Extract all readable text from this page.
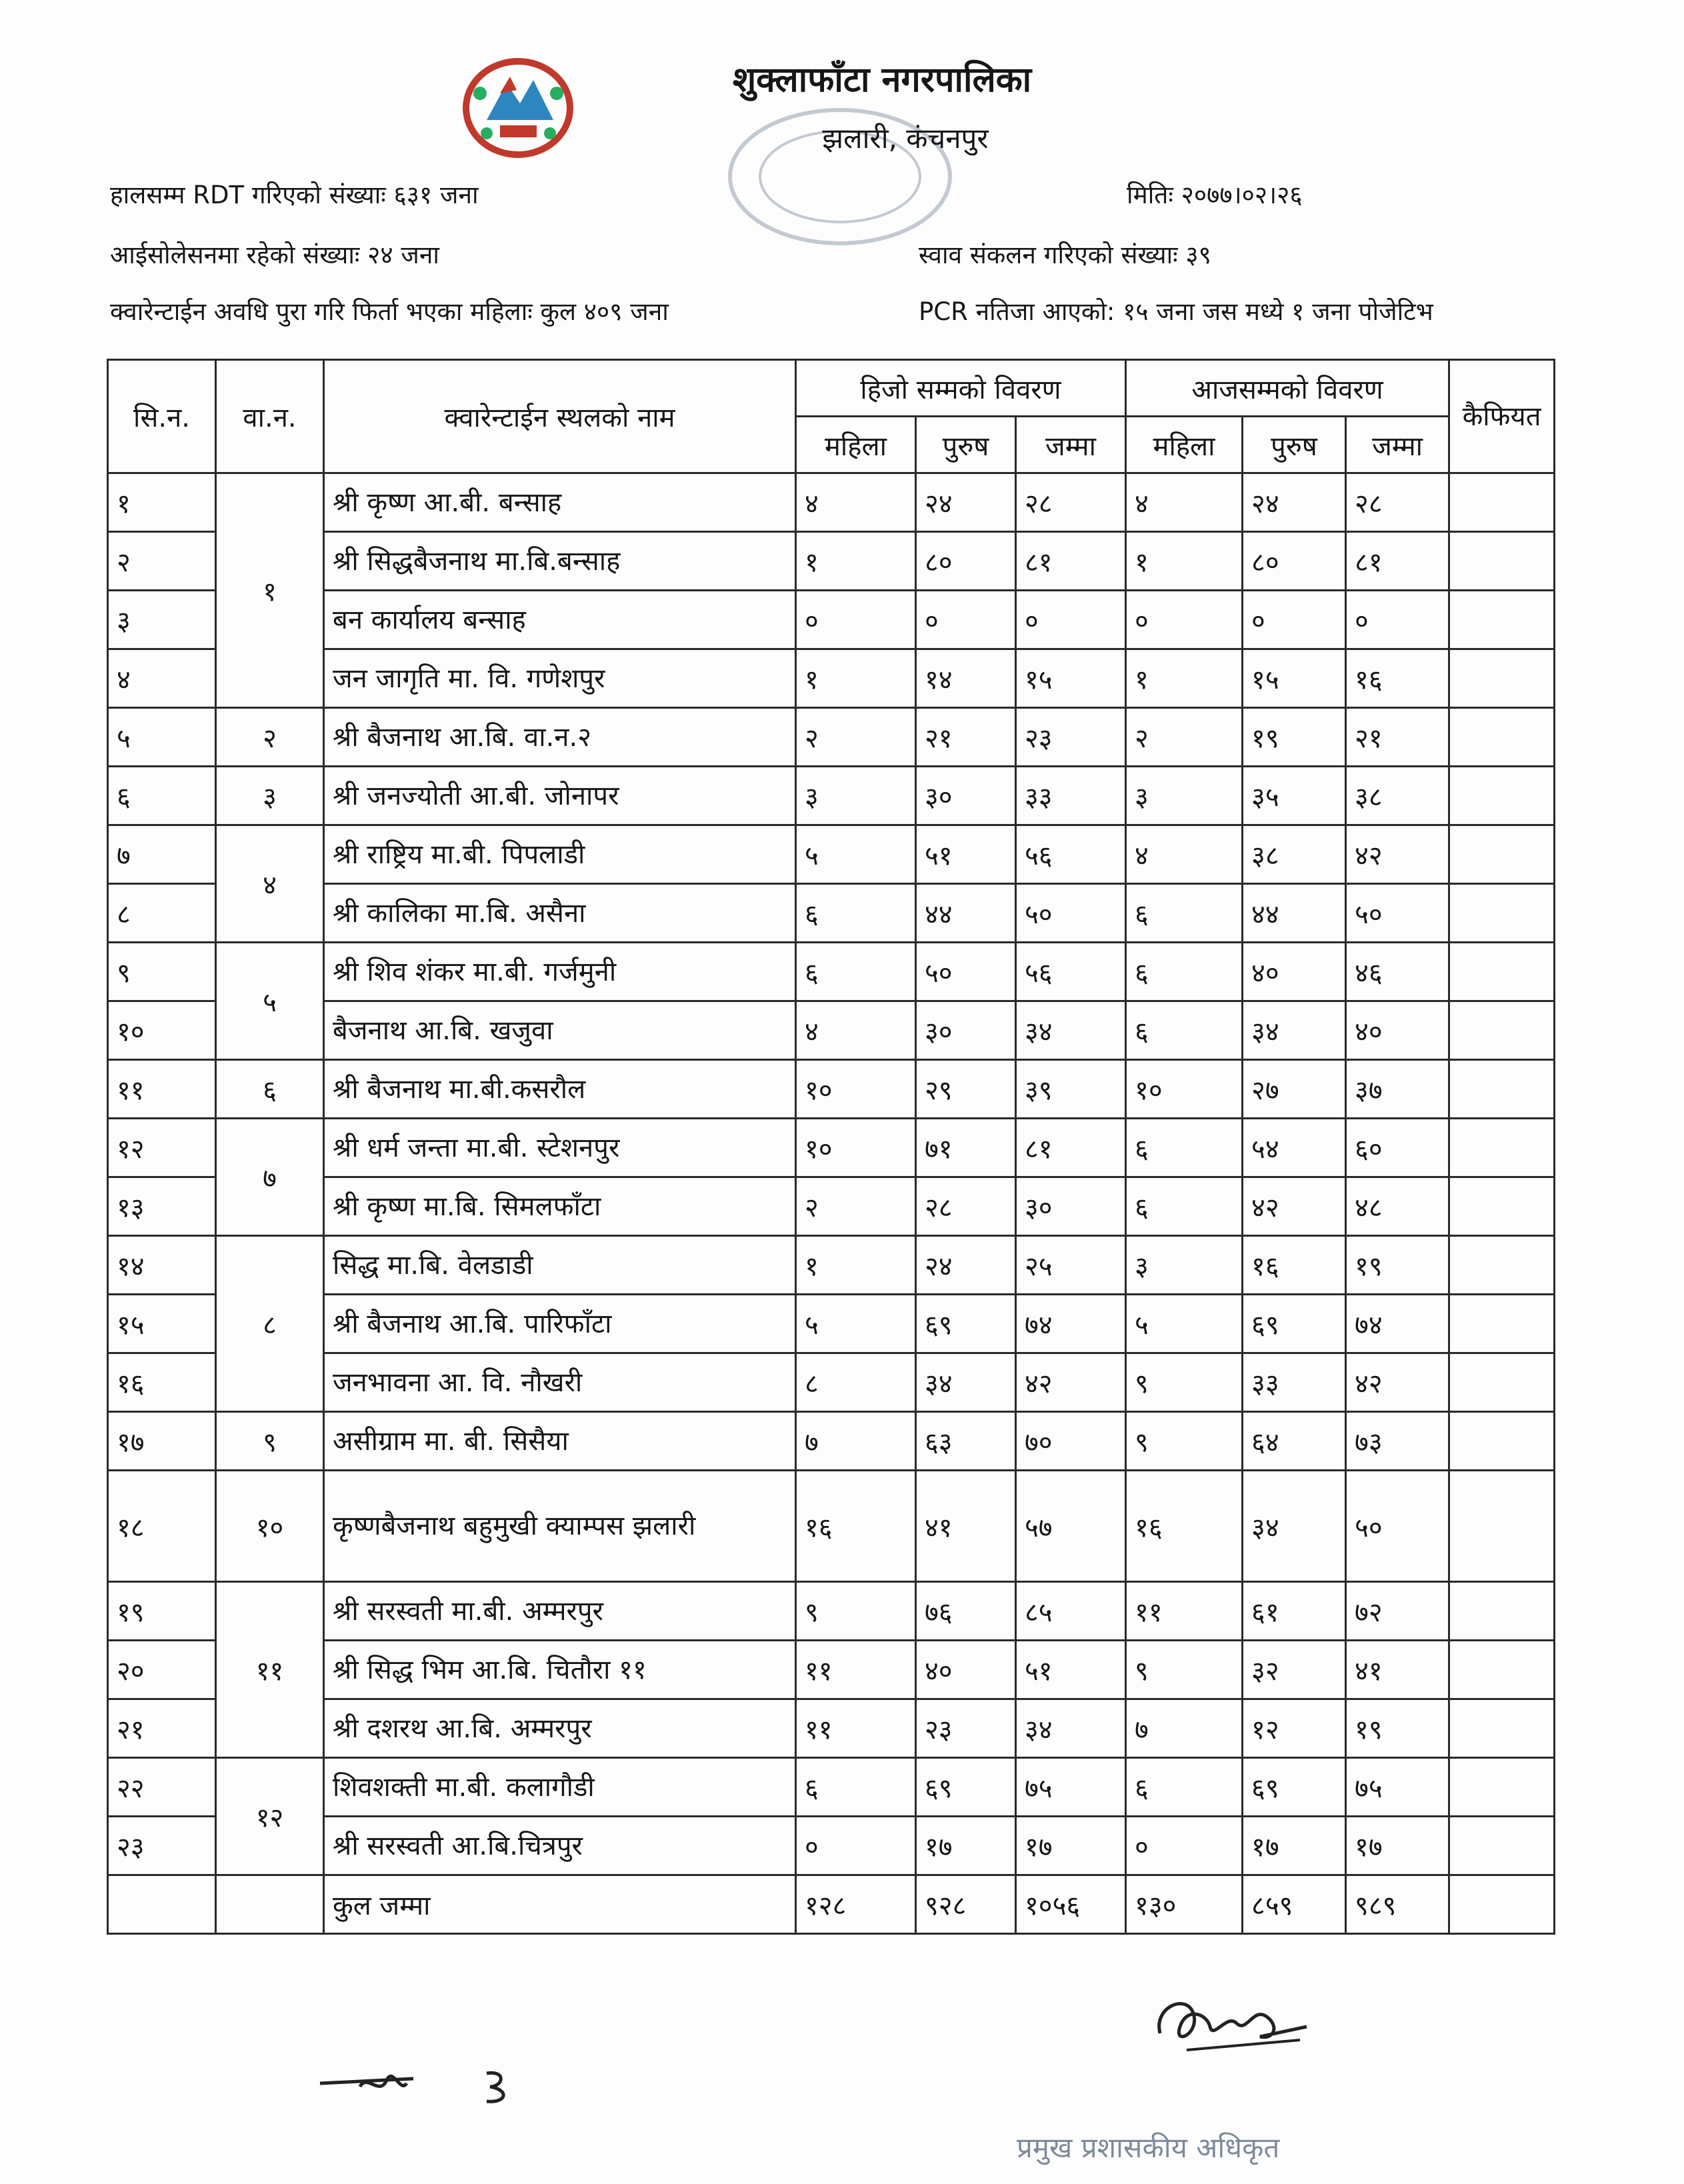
शुक्लाफाँटा नगरपालिका
झलारी, कंचनपुर
हालसम्म RDT गरिएको संख्याः ६३१ जना	मितिः २०७७।०२।२६
आईसोलेसनमा रहेको संख्याः २४ जना	स्वाव संकलन गरिएको संख्याः ३९
क्वारेन्टाईन अवधि पुरा गरि फिर्ता भएका महिलाः कुल ४०९ जना	PCR नतिजा आएको: १५ जना जस मध्ये १ जना पोजेटिभ
सि.न.	वा.न.	क्वारेन्टाईन स्थलको नाम	हिजो सम्मको विवरण			आजसम्मको विवरण			कैफियत
			महिला	पुरुष	जम्मा	महिला	पुरुष	जम्मा	
१	१	श्री कृष्ण आ.बी. बन्साह	४	२४	२८	४	२४	२८	
२		श्री सिद्धबैजनाथ मा.बि.बन्साह	१	८०	८१	१	८०	८१	
३		बन कार्यालय बन्साह	०	०	०	०	०	०	
४		जन जागृति मा. वि. गणेशपुर	१	१४	१५	१	१५	१६	
५	२	श्री बैजनाथ आ.बि. वा.न.२	२	२१	२३	२	१९	२१	
६	३	श्री जनज्योती आ.बी. जोनापर	३	३०	३३	३	३५	३८	
७	४	श्री राष्ट्रिय मा.बी. पिपलाडी	५	५१	५६	४	३८	४२	
८		श्री कालिका मा.बि. असैना	६	४४	५०	६	४४	५०	
९	५	श्री शिव शंकर मा.बी. गर्जमुनी	६	५०	५६	६	४०	४६	
१०		बैजनाथ आ.बि. खजुवा	४	३०	३४	६	३४	४०	
११	६	श्री बैजनाथ मा.बी.कसरौल	१०	२९	३९	१०	२७	३७	
१२	७	श्री धर्म जन्ता मा.बी. स्टेशनपुर	१०	७१	८१	६	५४	६०	
१३		श्री कृष्ण मा.बि. सिमलफाँटा	२	२८	३०	६	४२	४८	
१४	८	सिद्ध मा.बि. वेलडाडी	१	२४	२५	३	१६	१९	
१५		श्री बैजनाथ आ.बि. पारिफाँटा	५	६९	७४	५	६९	७४	
१६		जनभावना आ. वि. नौखरी	८	३४	४२	९	३३	४२	
१७	९	असीग्राम मा. बी. सिसैया	७	६३	७०	९	६४	७३	
१८	१०	कृष्णबैजनाथ बहुमुखी क्याम्पस झलारी	१६	४१	५७	१६	३४	५०	
१९	११	श्री सरस्वती मा.बी. अम्मरपुर	९	७६	८५	११	६१	७२	
२०		श्री सिद्ध भिम आ.बि. चितौरा ११	११	४०	५१	९	३२	४१	
२१		श्री दशरथ आ.बि. अम्मरपुर	११	२३	३४	७	१२	१९	
२२	१२	शिवशक्ती मा.बी. कलागौडी	६	६९	७५	६	६९	७५	
२३		श्री सरस्वती आ.बि.चित्रपुर	०	१७	१७	०	१७	१७	
		कुल जम्मा	१२८	९२८	१०५६	१३०	८५९	९८९	
प्रमुख प्रशासकीय अधिकृत
